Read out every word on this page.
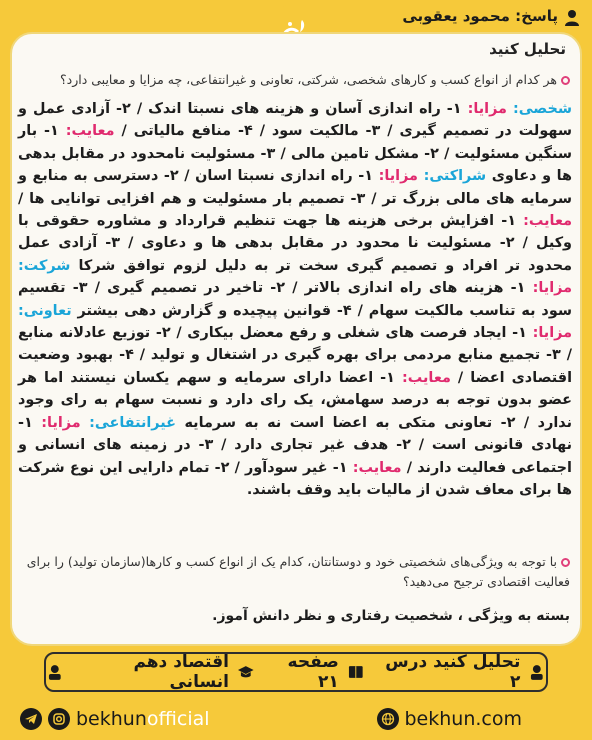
پاسخ: محمود یعقوبی
تحلیل کنید
هر کدام از انواع کسب و کارهای شخصی، شرکتی، تعاونی و غیرانتفاعی، چه مزایا و معایبی دارد؟
شخصی: مزایا: ۱- راه اندازی آسان و هزینه های نسبتا اندک / ۲- آزادی عمل و سهولت در تصمیم گیری / ۳- مالکیت سود / ۴- منافع مالیاتی / معایب: ۱- بار سنگین مسئولیت / ۲- مشکل تامین مالی / ۳- مسئولیت نامحدود در مقابل بدهی ها و دعاوی شراکتی: مزایا: ۱- راه اندازی نسبتا اسان / ۲- دسترسی به منابع و سرمایه های مالی بزرگ تر / ۳- تصمیم بار مسئولیت و هم افزایی توانایی ها / معایب: ۱- افزایش برخی هزینه ها جهت تنظیم قرارداد و مشاوره حقوقی با وکیل / ۲- مسئولیت نا محدود در مقابل بدهی ها و دعاوی / ۳- آزادی عمل محدود تر افراد و تصمیم گیری سخت تر به دلیل لزوم توافق شرکا شرکت: مزایا: ۱- هزینه های راه اندازی بالاتر / ۲- تاخیر در تصمیم گیری / ۳- تقسیم سود به تناسب مالکیت سهام / ۴- قوانین پیچیده و گزارش دهی بیشتر تعاونی: مزایا: ۱- ایجاد فرصت های شغلی و رفع معضل بیکاری / ۲- توزیع عادلانه منابع / ۳- تجمیع منابع مردمی برای بهره گیری در اشتغال و تولید / ۴- بهبود وضعیت اقتصادی اعضا / معایب: ۱- اعضا دارای سرمایه و سهم یکسان نیستند اما هر عضو بدون توجه به درصد سهامش، یک رای دارد و نسبت سهام به رای وجود ندارد / ۲- تعاونی متکی به اعضا است نه به سرمایه غیرانتفاعی: مزایا: ۱- نهادی قانونی است / ۲- هدف غیر تجاری دارد / ۳- در زمینه های انسانی و اجتماعی فعالیت دارند / معایب: ۱- غیر سودآور / ۲- تمام دارایی این نوع شرکت ها برای معاف شدن از مالیات باید وقف باشند.
با توجه به ویژگی‌های شخصیتی خود و دوستانتان، کدام یک از انواع کسب و کارها(سازمان تولید) را برای فعالیت اقتصادی ترجیح می‌دهید؟
بسته به ویژگی ، شخصیت رفتاری و نظر دانش آموز.
تحلیل کنید درس ۲
صفحه ۲۱
اقتصاد دهم انسانی
bekhunofficial	bekhun.com
